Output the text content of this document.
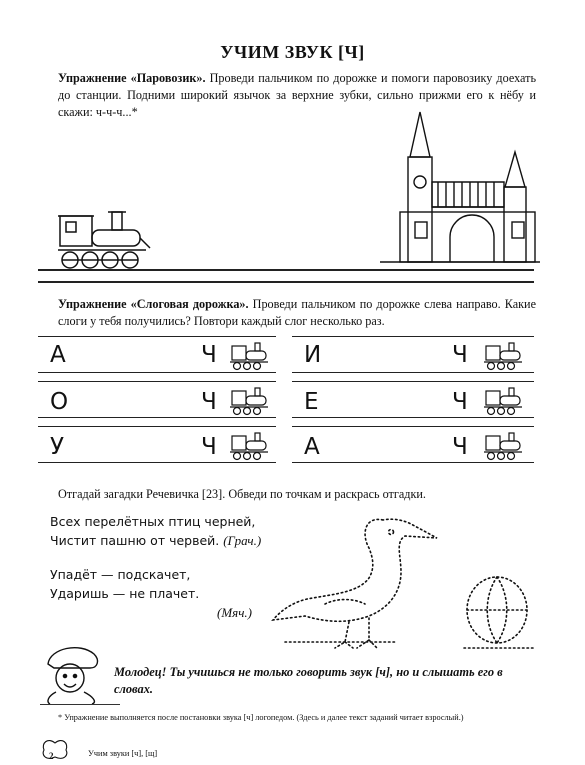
УЧИМ ЗВУК [Ч]
Упражнение «Паровозик». Проведи пальчиком по дорожке и помоги паровозику доехать до станции. Подними широкий язычок за верхние зубки, сильно прижми его к нёбу и скажи: ч-ч-ч...*
Упражнение «Слоговая дорожка». Проведи пальчиком по дорожке слева направо. Какие слоги у тебя получились? Повтори каждый слог несколько раз.
А	Ч
О	Ч
У	Ч
И	Ч
Е	Ч
А	Ч
Отгадай загадки Речевичка [23]. Обведи по точкам и раскрась отгадки.
Всех перелётных птиц черней,
Чистит пашню от червей. (Грач.)
Упадёт — подскачет,
Ударишь — не плачет.
(Мяч.)
Молодец! Ты учишься не только говорить звук [ч], но и слышать его в словах.
* Упражнение выполняется после постановки звука [ч] логопедом. (Здесь и далее текст заданий читает взрослый.)
2	Учим звуки [ч], [щ]
